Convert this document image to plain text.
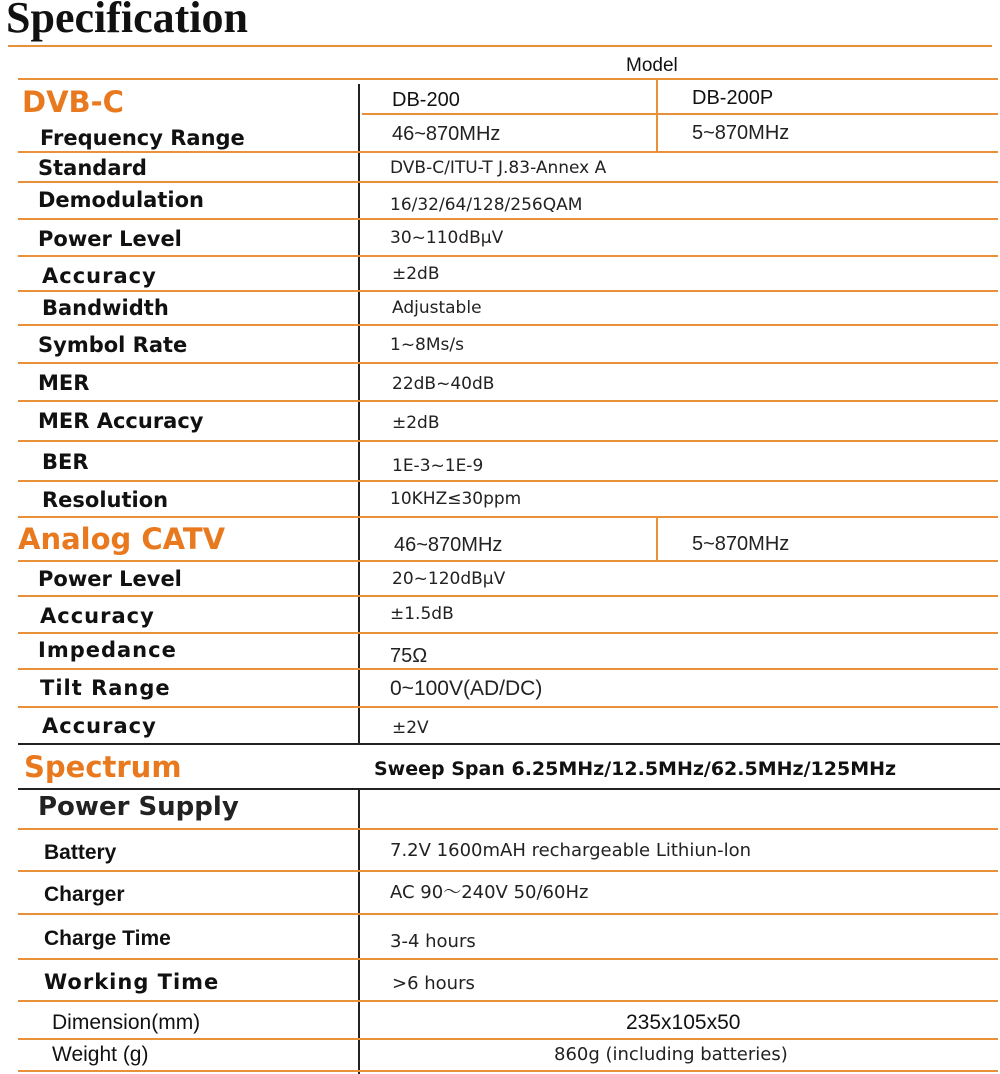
Specification
Model
DVB-C	DB-200	DB-200P
Frequency Range	46~870MHz	5~870MHz
Standard	DVB-C/ITU-T J.83-Annex A
Demodulation	16/32/64/128/256QAM
Power Level	30~110dBμV
Accuracy	±2dB
Bandwidth	Adjustable
Symbol Rate	1~8Ms/s
MER	22dB~40dB
MER Accuracy	±2dB
BER	1E-3~1E-9
Resolution	10KHZ≤30ppm
Analog CATV	46~870MHz	5~870MHz
Power Level	20~120dBμV
Accuracy	±1.5dB
Impedance	75Ω
Tilt Range	0~100V(AD/DC)
Accuracy	±2V
Spectrum	Sweep Span 6.25MHz/12.5MHz/62.5MHz/125MHz
Power Supply
Battery	7.2V 1600mAH rechargeable Lithiun-lon
Charger	AC 90～240V 50/60Hz
Charge Time	3-4 hours
Working Time	>6 hours
Dimension(mm)	235x105x50
Weight (g)	860g (including batteries)
